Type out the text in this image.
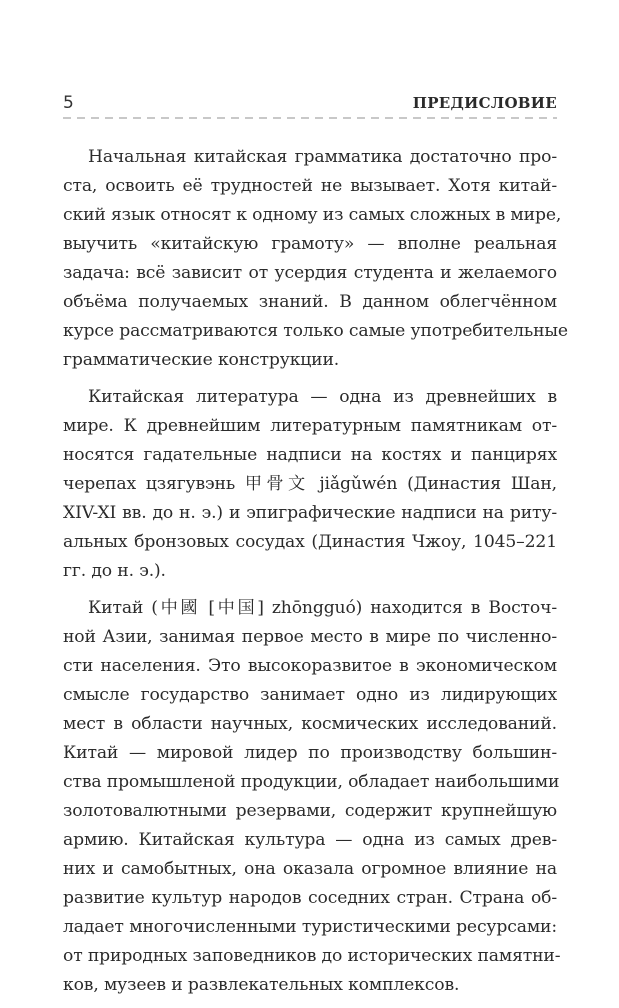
5	ПРЕДИСЛОВИЕ
Начальная китайская грамматика достаточно про-
ста, освоить её трудностей не вызывает. Хотя китай-
ский язык относят к одному из самых сложных в мире,
выучить «китайскую грамоту» — вполне реальная
задача: всё зависит от усердия студента и желаемого
объёма получаемых знаний. В данном облегчённом
курсе рассматриваются только самые употребительные
грамматические конструкции.
Китайская литература — одна из древнейших в
мире. К древнейшим литературным памятникам от-
носятся гадательные надписи на костях и панцирях
черепах цзягувэнь 甲骨文 jiǎgǔwén (Династия Шан,
XIV-XI вв. до н. э.) и эпиграфические надписи на риту-
альных бронзовых сосудах (Династия Чжоу, 1045–221
гг. до н. э.).
Китай (中國 [中国] zhōngguó) находится в Восточ-
ной Азии, занимая первое место в мире по численно-
сти населения. Это высокоразвитое в экономическом
смысле государство занимает одно из лидирующих
мест в области научных, космических исследований.
Китай — мировой лидер по производству большин-
ства промышленой продукции, обладает наибольшими
золотовалютными резервами, содержит крупнейшую
армию. Китайская культура — одна из самых древ-
них и самобытных, она оказала огромное влияние на
развитие культур народов соседних стран. Страна об-
ладает многочисленными туристическими ресурсами:
от природных заповедников до исторических памятни-
ков, музеев и развлекательных комплексов.
